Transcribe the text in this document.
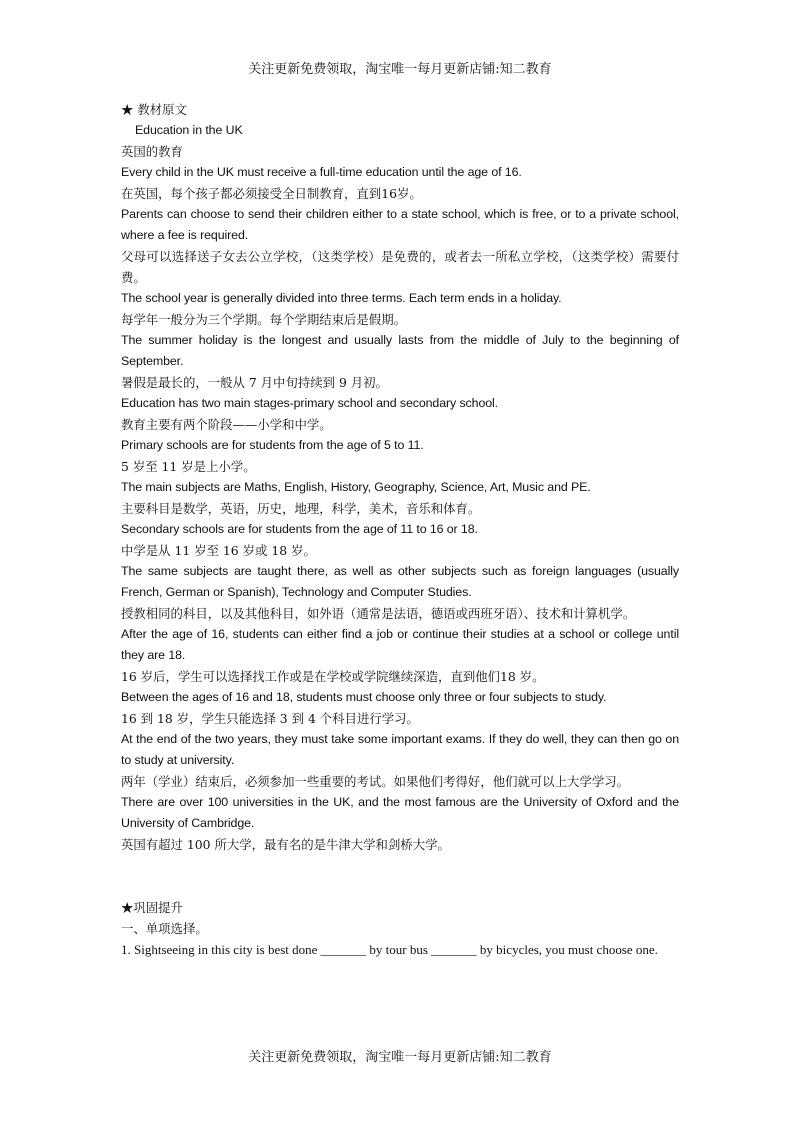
关注更新免费领取，淘宝唯一每月更新店铺:知二教育

★ 教材原文

Education in the UK

英国的教育

Every child in the UK must receive a full-time education until the age of 16.

在英国，每个孩子都必须接受全日制教育，直到16岁。

Parents can choose to send their children either to a state school, which is free, or to a private school, where a fee is required.

父母可以选择送子女去公立学校，（这类学校）是免费的，或者去一所私立学校，（这类学校）需要付费。

The school year is generally divided into three terms. Each term ends in a holiday.

每学年一般分为三个学期。每个学期结束后是假期。

The summer holiday is the longest and usually lasts from the middle of July to the beginning of September.

暑假是最长的，一般从 7 月中旬持续到 9 月初。

Education has two main stages-primary school and secondary school.

教育主要有两个阶段——小学和中学。

Primary schools are for students from the age of 5 to 11.

5 岁至 11 岁是上小学。

The main subjects are Maths, English, History, Geography, Science, Art, Music and PE.

主要科目是数学，英语，历史，地理，科学，美术，音乐和体育。

Secondary schools are for students from the age of 11 to 16 or 18.

中学是从 11 岁至 16 岁或 18 岁。

The same subjects are taught there, as well as other subjects such as foreign languages (usually French, German or Spanish), Technology and Computer Studies.

授教相同的科目，以及其他科目，如外语（通常是法语，德语或西班牙语）、技术和计算机学。

After the age of 16, students can either find a job or continue their studies at a school or college until they are 18.

16 岁后，学生可以选择找工作或是在学校或学院继续深造，直到他们18 岁。

Between the ages of 16 and 18, students must choose only three or four subjects to study.

16 到 18 岁，学生只能选择 3 到 4 个科目进行学习。

At the end of the two years, they must take some important exams. If they do well, they can then go on to study at university.

两年（学业）结束后，必须参加一些重要的考试。如果他们考得好，他们就可以上大学学习。

There are over 100 universities in the UK, and the most famous are the University of Oxford and the University of Cambridge.

英国有超过 100 所大学，最有名的是牛津大学和剑桥大学。

★巩固提升

一、单项选择。

1. Sightseeing in this city is best done _______ by tour bus _______ by bicycles, you must choose one.

关注更新免费领取，淘宝唯一每月更新店铺:知二教育
